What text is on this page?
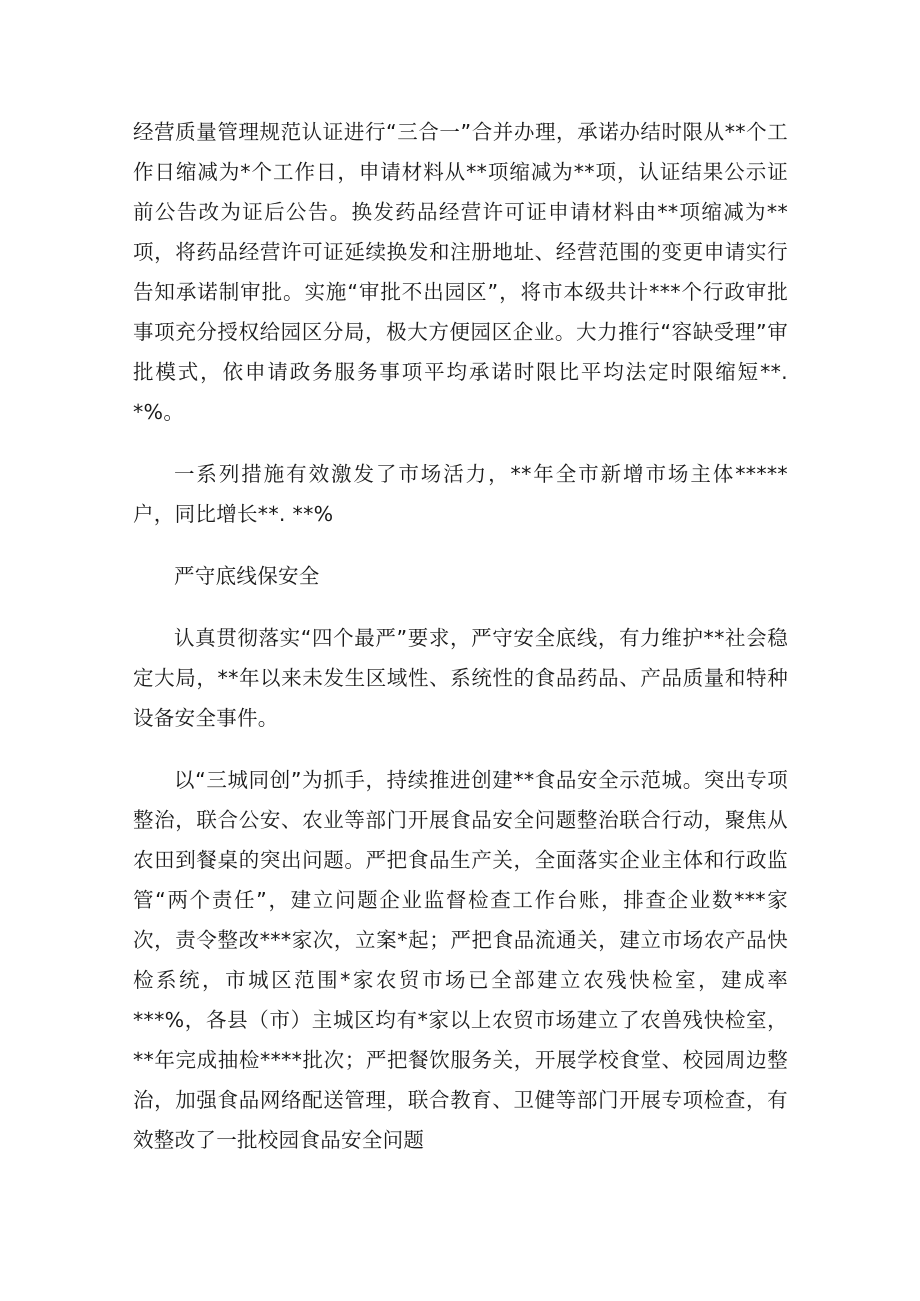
经营质量管理规范认证进行“三合一”合并办理，承诺办结时限从**个工作日缩减为*个工作日，申请材料从**项缩减为**项，认证结果公示证前公告改为证后公告。换发药品经营许可证申请材料由**项缩减为**项，将药品经营许可证延续换发和注册地址、经营范围的变更申请实行告知承诺制审批。实施“审批不出园区”，将市本级共计***个行政审批事项充分授权给园区分局，极大方便园区企业。大力推行“容缺受理”审批模式，依申请政务服务事项平均承诺时限比平均法定时限缩短**. *%。

一系列措施有效激发了市场活力，**年全市新增市场主体*****户，同比增长**. **%

严守底线保安全

认真贯彻落实“四个最严”要求，严守安全底线，有力维护**社会稳定大局，**年以来未发生区域性、系统性的食品药品、产品质量和特种设备安全事件。

以“三城同创”为抓手，持续推进创建**食品安全示范城。突出专项整治，联合公安、农业等部门开展食品安全问题整治联合行动，聚焦从农田到餐桌的突出问题。严把食品生产关，全面落实企业主体和行政监管“两个责任”，建立问题企业监督检查工作台账，排查企业数***家次，责令整改***家次，立案*起；严把食品流通关，建立市场农产品快检系统，市城区范围*家农贸市场已全部建立农残快检室，建成率***%，各县（市）主城区均有*家以上农贸市场建立了农兽残快检室，**年完成抽检****批次；严把餐饮服务关，开展学校食堂、校园周边整治，加强食品网络配送管理，联合教育、卫健等部门开展专项检查，有效整改了一批校园食品安全问题
